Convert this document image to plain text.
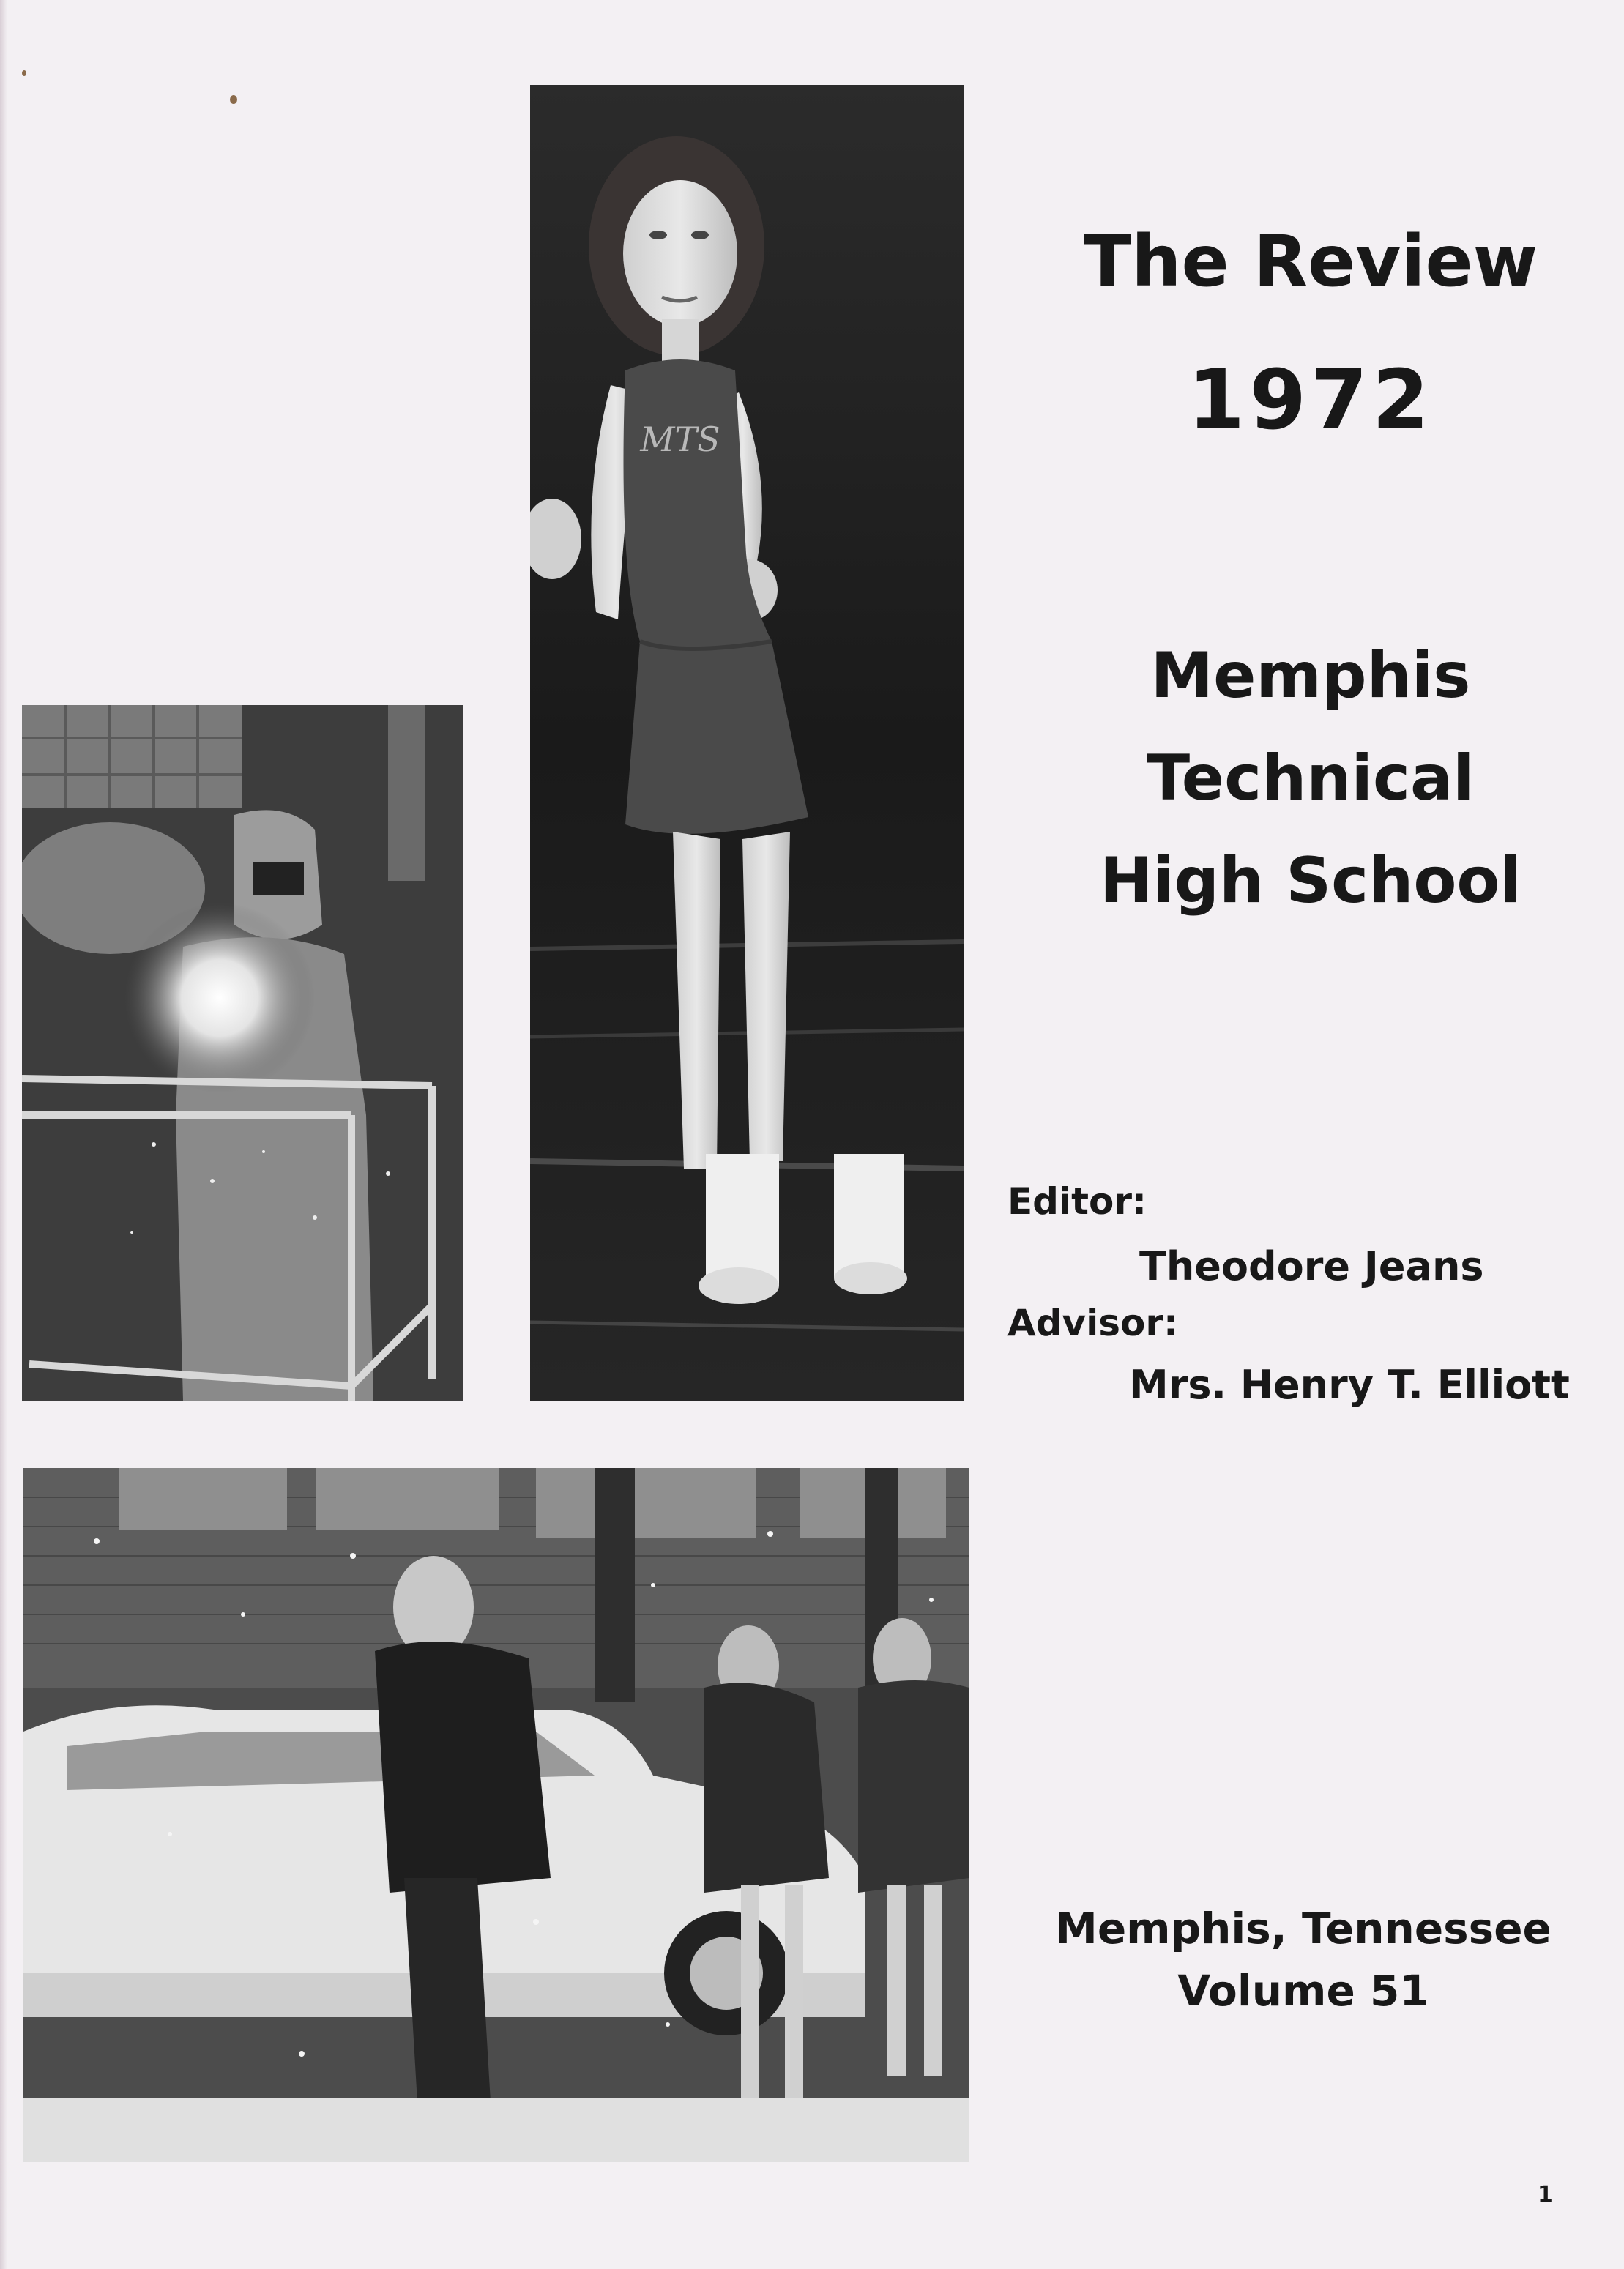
MTS
The Review
1972
Memphis
Technical
High School
Editor:
Theodore Jeans
Advisor:
Mrs. Henry T. Elliott
Memphis, Tennessee
Volume 51
1
